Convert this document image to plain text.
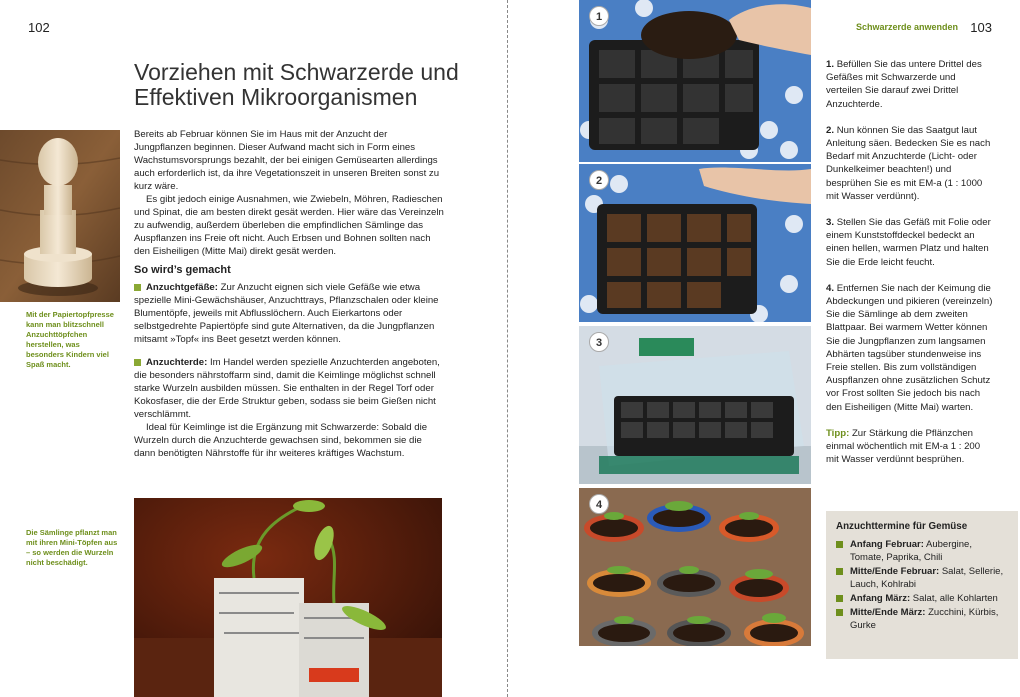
102
Vorziehen mit Schwarzerde und
Effektiven Mikroorganismen
Mit der Papiertopfpresse kann man blitzschnell Anzuchttöpfchen herstellen, was besonders Kindern viel Spaß macht.

Bereits ab Februar können Sie im Haus mit der Anzucht der Jungpflanzen beginnen. Dieser Aufwand macht sich in Form eines Wachstumsvorsprungs bezahlt, der bei einigen Gemüsearten allerdings auch erforderlich ist, da ihre Vegetationszeit in unseren Breiten sonst zu kurz wäre.

Es gibt jedoch einige Ausnahmen, wie Zwiebeln, Möhren, Radieschen und Spinat, die am besten direkt gesät werden. Hier wäre das Vereinzeln zu aufwendig, außerdem überleben die empfindlichen Sämlinge das Auspflanzen ins Freie oft nicht. Auch Erbsen und Bohnen sollten nach den Eisheiligen (Mitte Mai) direkt gesät werden.

So wird’s gemacht

Anzuchtgefäße: Zur Anzucht eignen sich viele Gefäße wie etwa spezielle Mini-Gewächshäuser, Anzuchttrays, Pflanzschalen oder kleine Blumentöpfe, jeweils mit Abflusslöchern. Auch Eierkartons oder selbstgedrehte Papiertöpfe sind gute Alternativen, da die Jungpflanzen mitsamt »Topf« ins Beet gesetzt werden können.

Anzuchterde: Im Handel werden spezielle Anzuchterden angeboten, die besonders nährstoffarm sind, damit die Keimlinge möglichst schnell starke Wurzeln ausbilden müssen. Sie enthalten in der Regel Torf oder Kokosfaser, die der Erde Struktur geben, sodass sie beim Gießen nicht verschlämmt.

Ideal für Keimlinge ist die Ergänzung mit Schwarzerde: Sobald die Wurzeln durch die Anzuchterde gewachsen sind, bekommen sie die dann benötigten Nährstoffe für ihr weiteres kräftiges Wachstum.

Die Sämlinge pflanzt man mit ihren Mini-Töpfen aus – so werden die Wurzeln nicht beschädigt.
Schwarzerde anwenden 103
1
2
3
4

1. Befüllen Sie das untere Drittel des Gefäßes mit Schwarzerde und verteilen Sie darauf zwei Drittel Anzuchterde.

2. Nun können Sie das Saatgut laut Anleitung säen. Bedecken Sie es nach Bedarf mit Anzuchterde (Licht- oder Dunkelkeimer beachten!) und besprühen Sie es mit EM-a (1 : 1000 mit Wasser verdünnt).

3. Stellen Sie das Gefäß mit Folie oder einem Kunststoffdeckel bedeckt an einen hellen, warmen Platz und halten Sie die Erde leicht feucht.

4. Entfernen Sie nach der Keimung die Abdeckungen und pikieren (vereinzeln) Sie die Sämlinge ab dem zweiten Blattpaar. Bei warmem Wetter können Sie die Jungpflanzen zum langsamen Abhärten tagsüber stundenweise ins Freie stellen. Bis zum vollständigen Auspflanzen ohne zusätzlichen Schutz vor Frost sollten Sie jedoch bis nach den Eisheiligen (Mitte Mai) warten.

Tipp: Zur Stärkung die Pflänzchen einmal wöchentlich mit EM-a 1 : 200 mit Wasser verdünnt besprühen.

Anzuchttermine für Gemüse
Anfang Februar: Aubergine, Tomate, Paprika, Chili
Mitte/Ende Februar: Salat, Sellerie, Lauch, Kohlrabi
Anfang März: Salat, alle Kohlarten
Mitte/Ende März: Zucchini, Kürbis, Gurke
